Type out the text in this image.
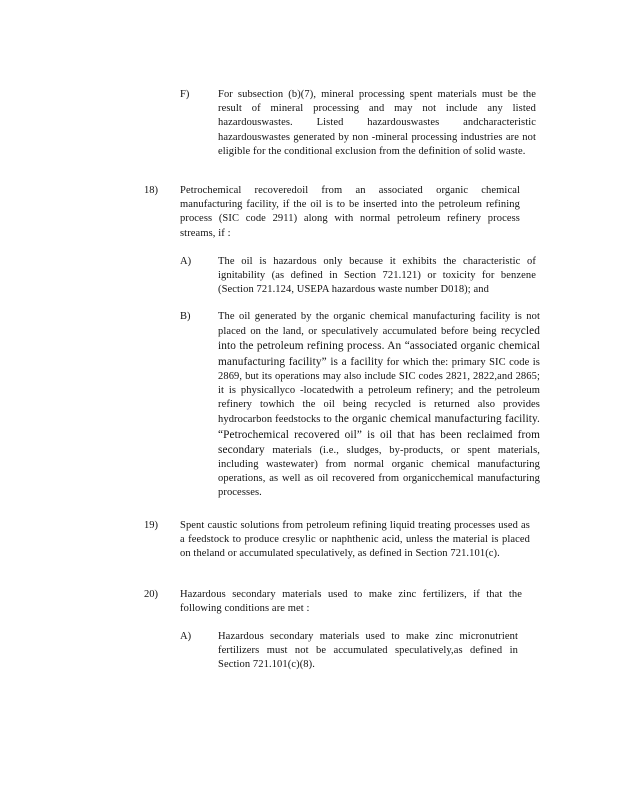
F)	For subsection (b)(7), mineral processing spent materials must be the result of mineral processing and may not include any listed hazardouswastes. Listed hazardouswastes andcharacteristic hazardouswastes generated by non -mineral processing industries are not eligible for the conditional exclusion from the definition of solid waste.
18) Petrochemical recoveredoil from an associated organic chemical manufacturing facility, if the oil is to be inserted into the petroleum refining process (SIC code 2911) along with normal petroleum refinery process streams, if :
A)	The oil is hazardous only because it exhibits the characteristic of ignitability (as defined in Section 721.121) or toxicity for benzene (Section 721.124, USEPA hazardous waste number D018); and
B)	The oil generated by the organic chemical manufacturing facility is not placed on the land, or speculatively accumulated before being recycled into the petroleum refining process. An “associated organic chemical manufacturing facility” is a facility for which the: primary SIC code is 2869, but its operations may also include SIC codes 2821, 2822,and 2865; it is physicallyco -locatedwith a petroleum refinery; and the petroleum refinery towhich the oil being recycled is returned also provides hydrocarbon feedstocks to the organic chemical manufacturing facility. “Petrochemical recovered oil” is oil that has been reclaimed from secondary materials (i.e., sludges, by-products, or spent materials, including wastewater) from normal organic chemical manufacturing operations, as well as oil recovered from organicchemical manufacturing processes.
19) Spent caustic solutions from petroleum refining liquid treating processes used as a feedstock to produce cresylic or naphthenic acid, unless the material is placed on theland or accumulated speculatively, as defined in Section 721.101(c).
20) Hazardous secondary materials used to make zinc fertilizers, if that the following conditions are met :
A)	Hazardous secondary materials used to make zinc micronutrient fertilizers must not be accumulated speculatively,as defined in Section 721.101(c)(8).
